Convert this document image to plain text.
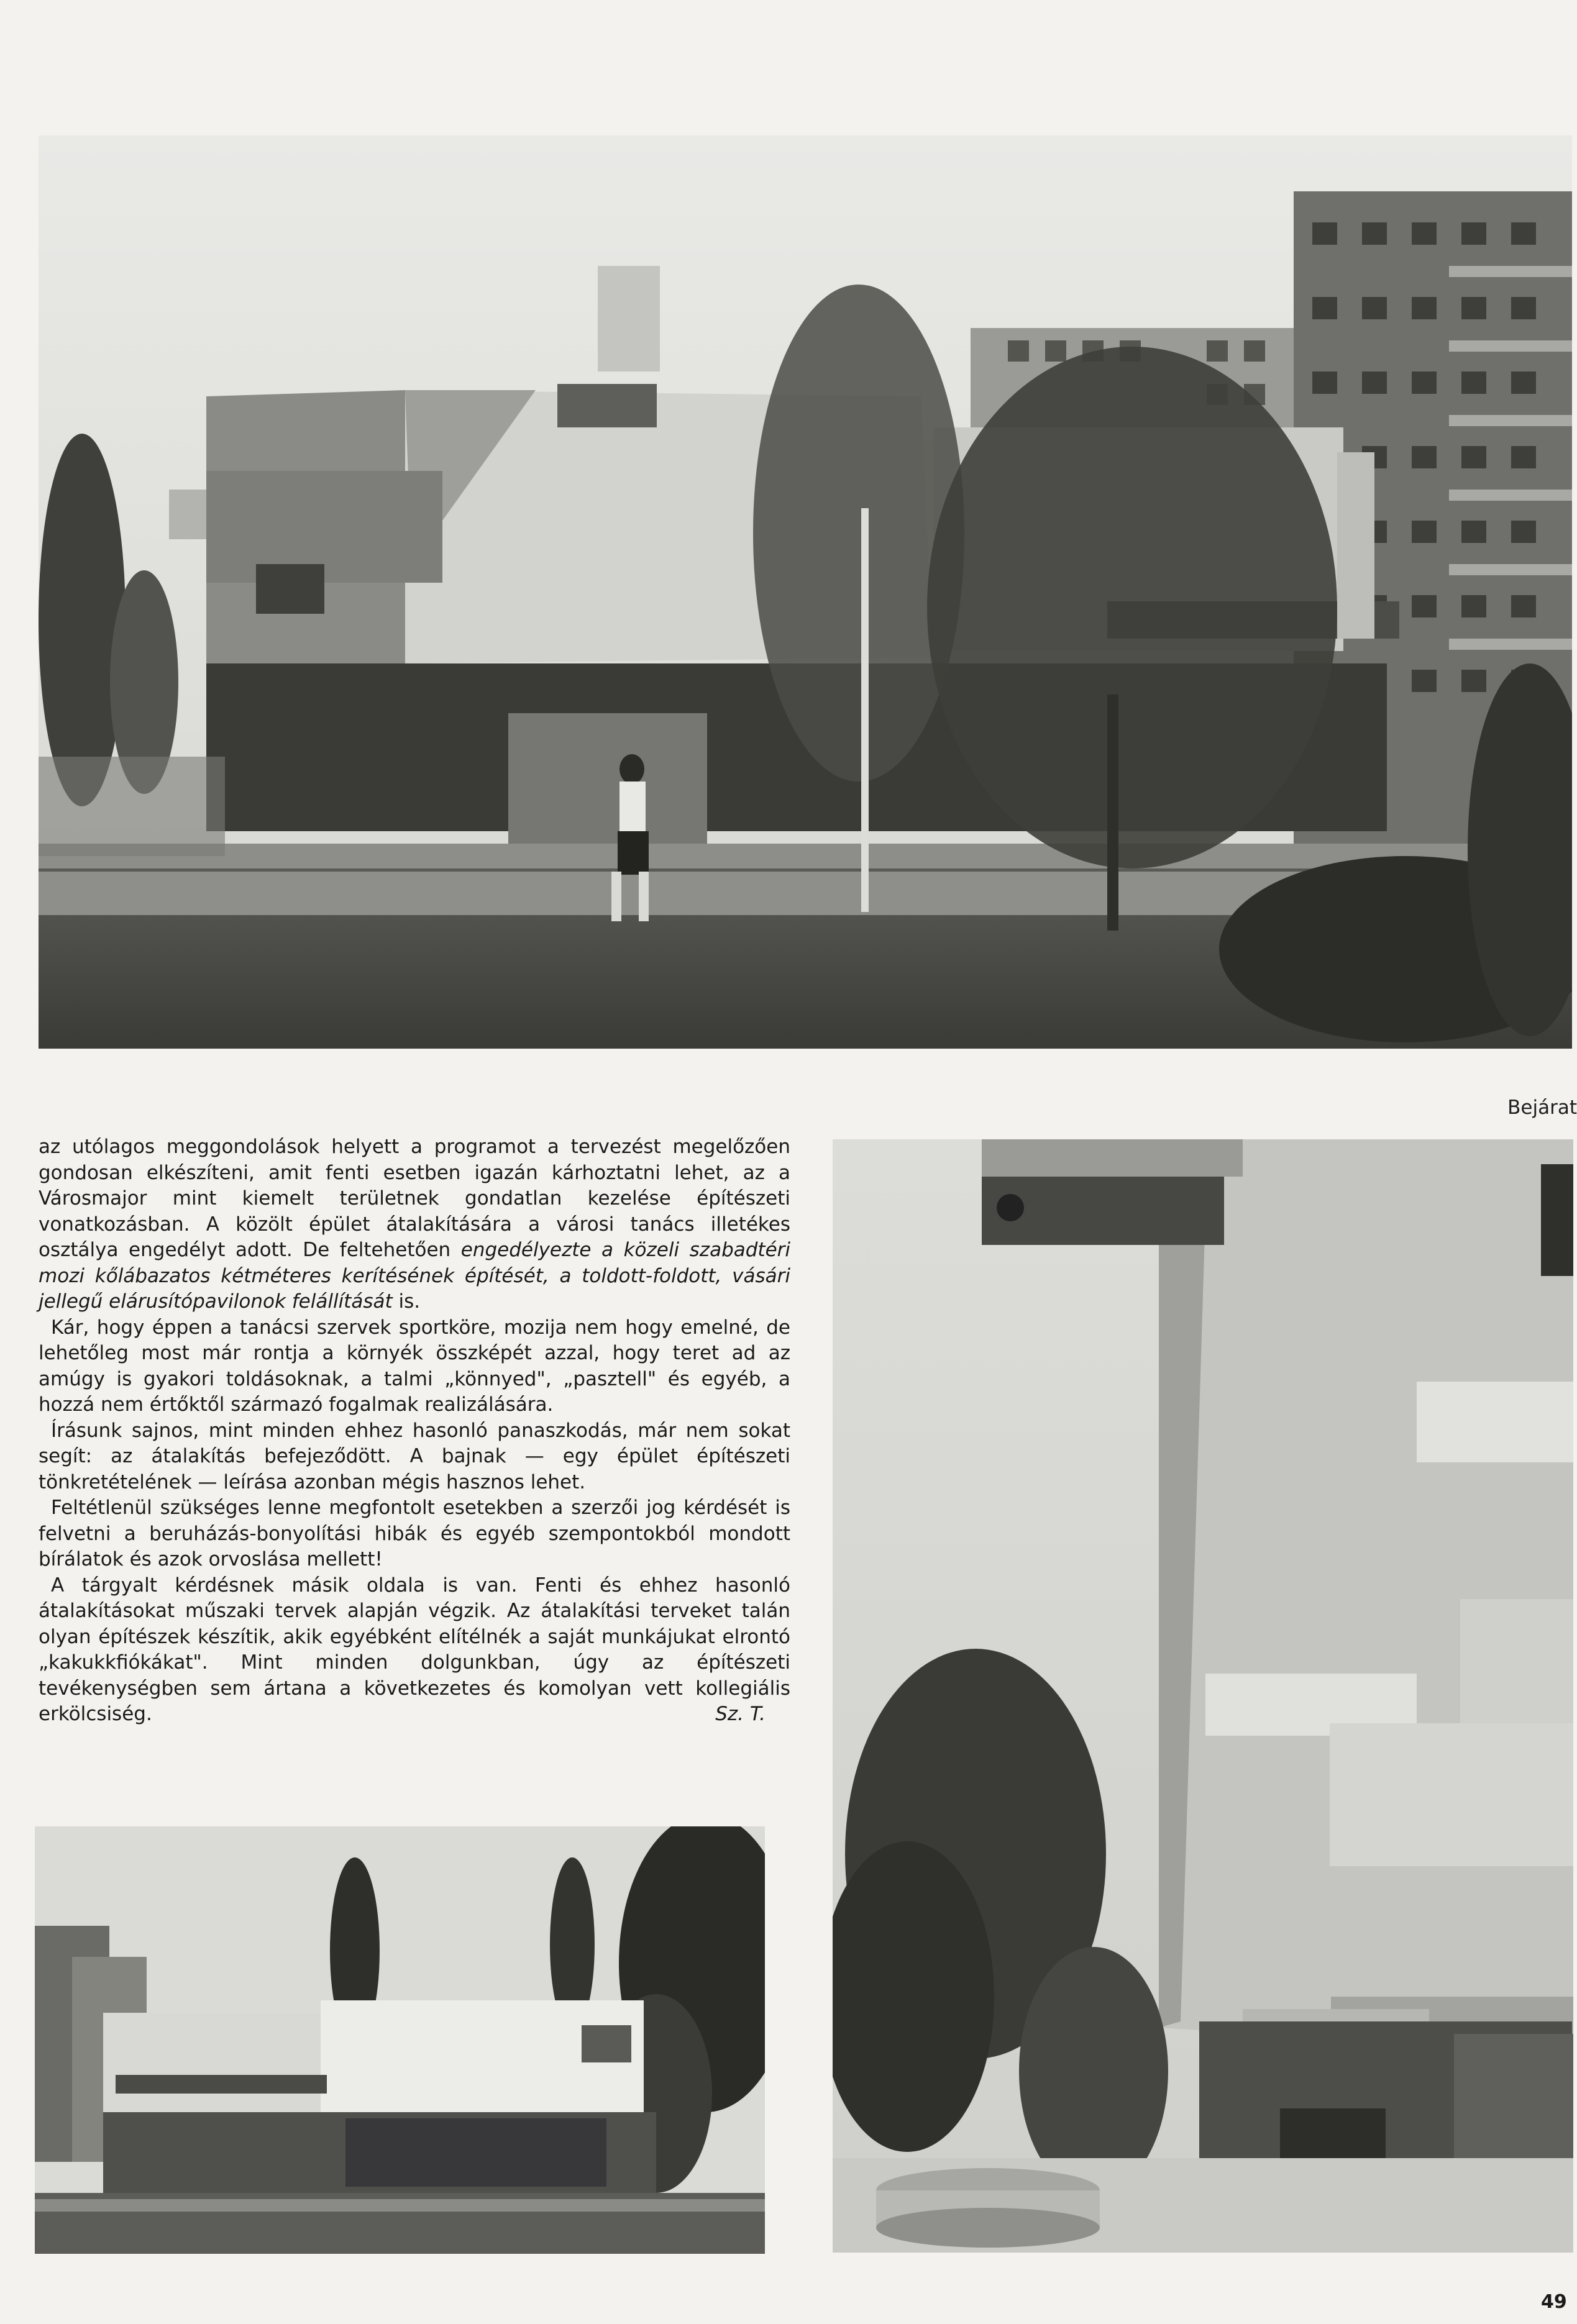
Bejárat

az utólagos meggondolások helyett a programot a tervezést megelőzően gondosan elkészíteni, amit fenti esetben igazán kárhoztatni lehet, az a Városmajor mint kiemelt területnek gondatlan kezelése építészeti vonatkozásban. A közölt épület átalakítására a városi tanács illetékes osztálya engedélyt adott. De feltehetően engedélyezte a közeli szabadtéri mozi kőlábazatos kétméteres kerítésének építését, a toldott-foldott, vásári jellegű elárusítópavilonok felállítását is.

Kár, hogy éppen a tanácsi szervek sportköre, mozija nem hogy emelné, de lehetőleg most már rontja a környék összképét azzal, hogy teret ad az amúgy is gyakori toldásoknak, a talmi „könnyed", „pasztell" és egyéb, a hozzá nem értőktől származó fogalmak realizálására.

Írásunk sajnos, mint minden ehhez hasonló panaszkodás, már nem sokat segít: az átalakítás befejeződött. A bajnak — egy épület építészeti tönkretételének — leírása azonban mégis hasznos lehet.

Feltétlenül szükséges lenne megfontolt esetekben a szerzői jog kérdését is felvetni a beruházás-bonyolítási hibák és egyéb szempontokból mondott bírálatok és azok orvoslása mellett!

A tárgyalt kérdésnek másik oldala is van. Fenti és ehhez hasonló átalakításokat műszaki tervek alapján végzik. Az átalakítási terveket talán olyan építészek készítik, akik egyébként elítélnék a saját munkájukat elrontó „kakukkfiókákat". Mint minden dolgunkban, úgy az építészeti tevékenységben sem ártana a következetes és komolyan vett kollegiális erkölcsiség.	Sz. T.

49
